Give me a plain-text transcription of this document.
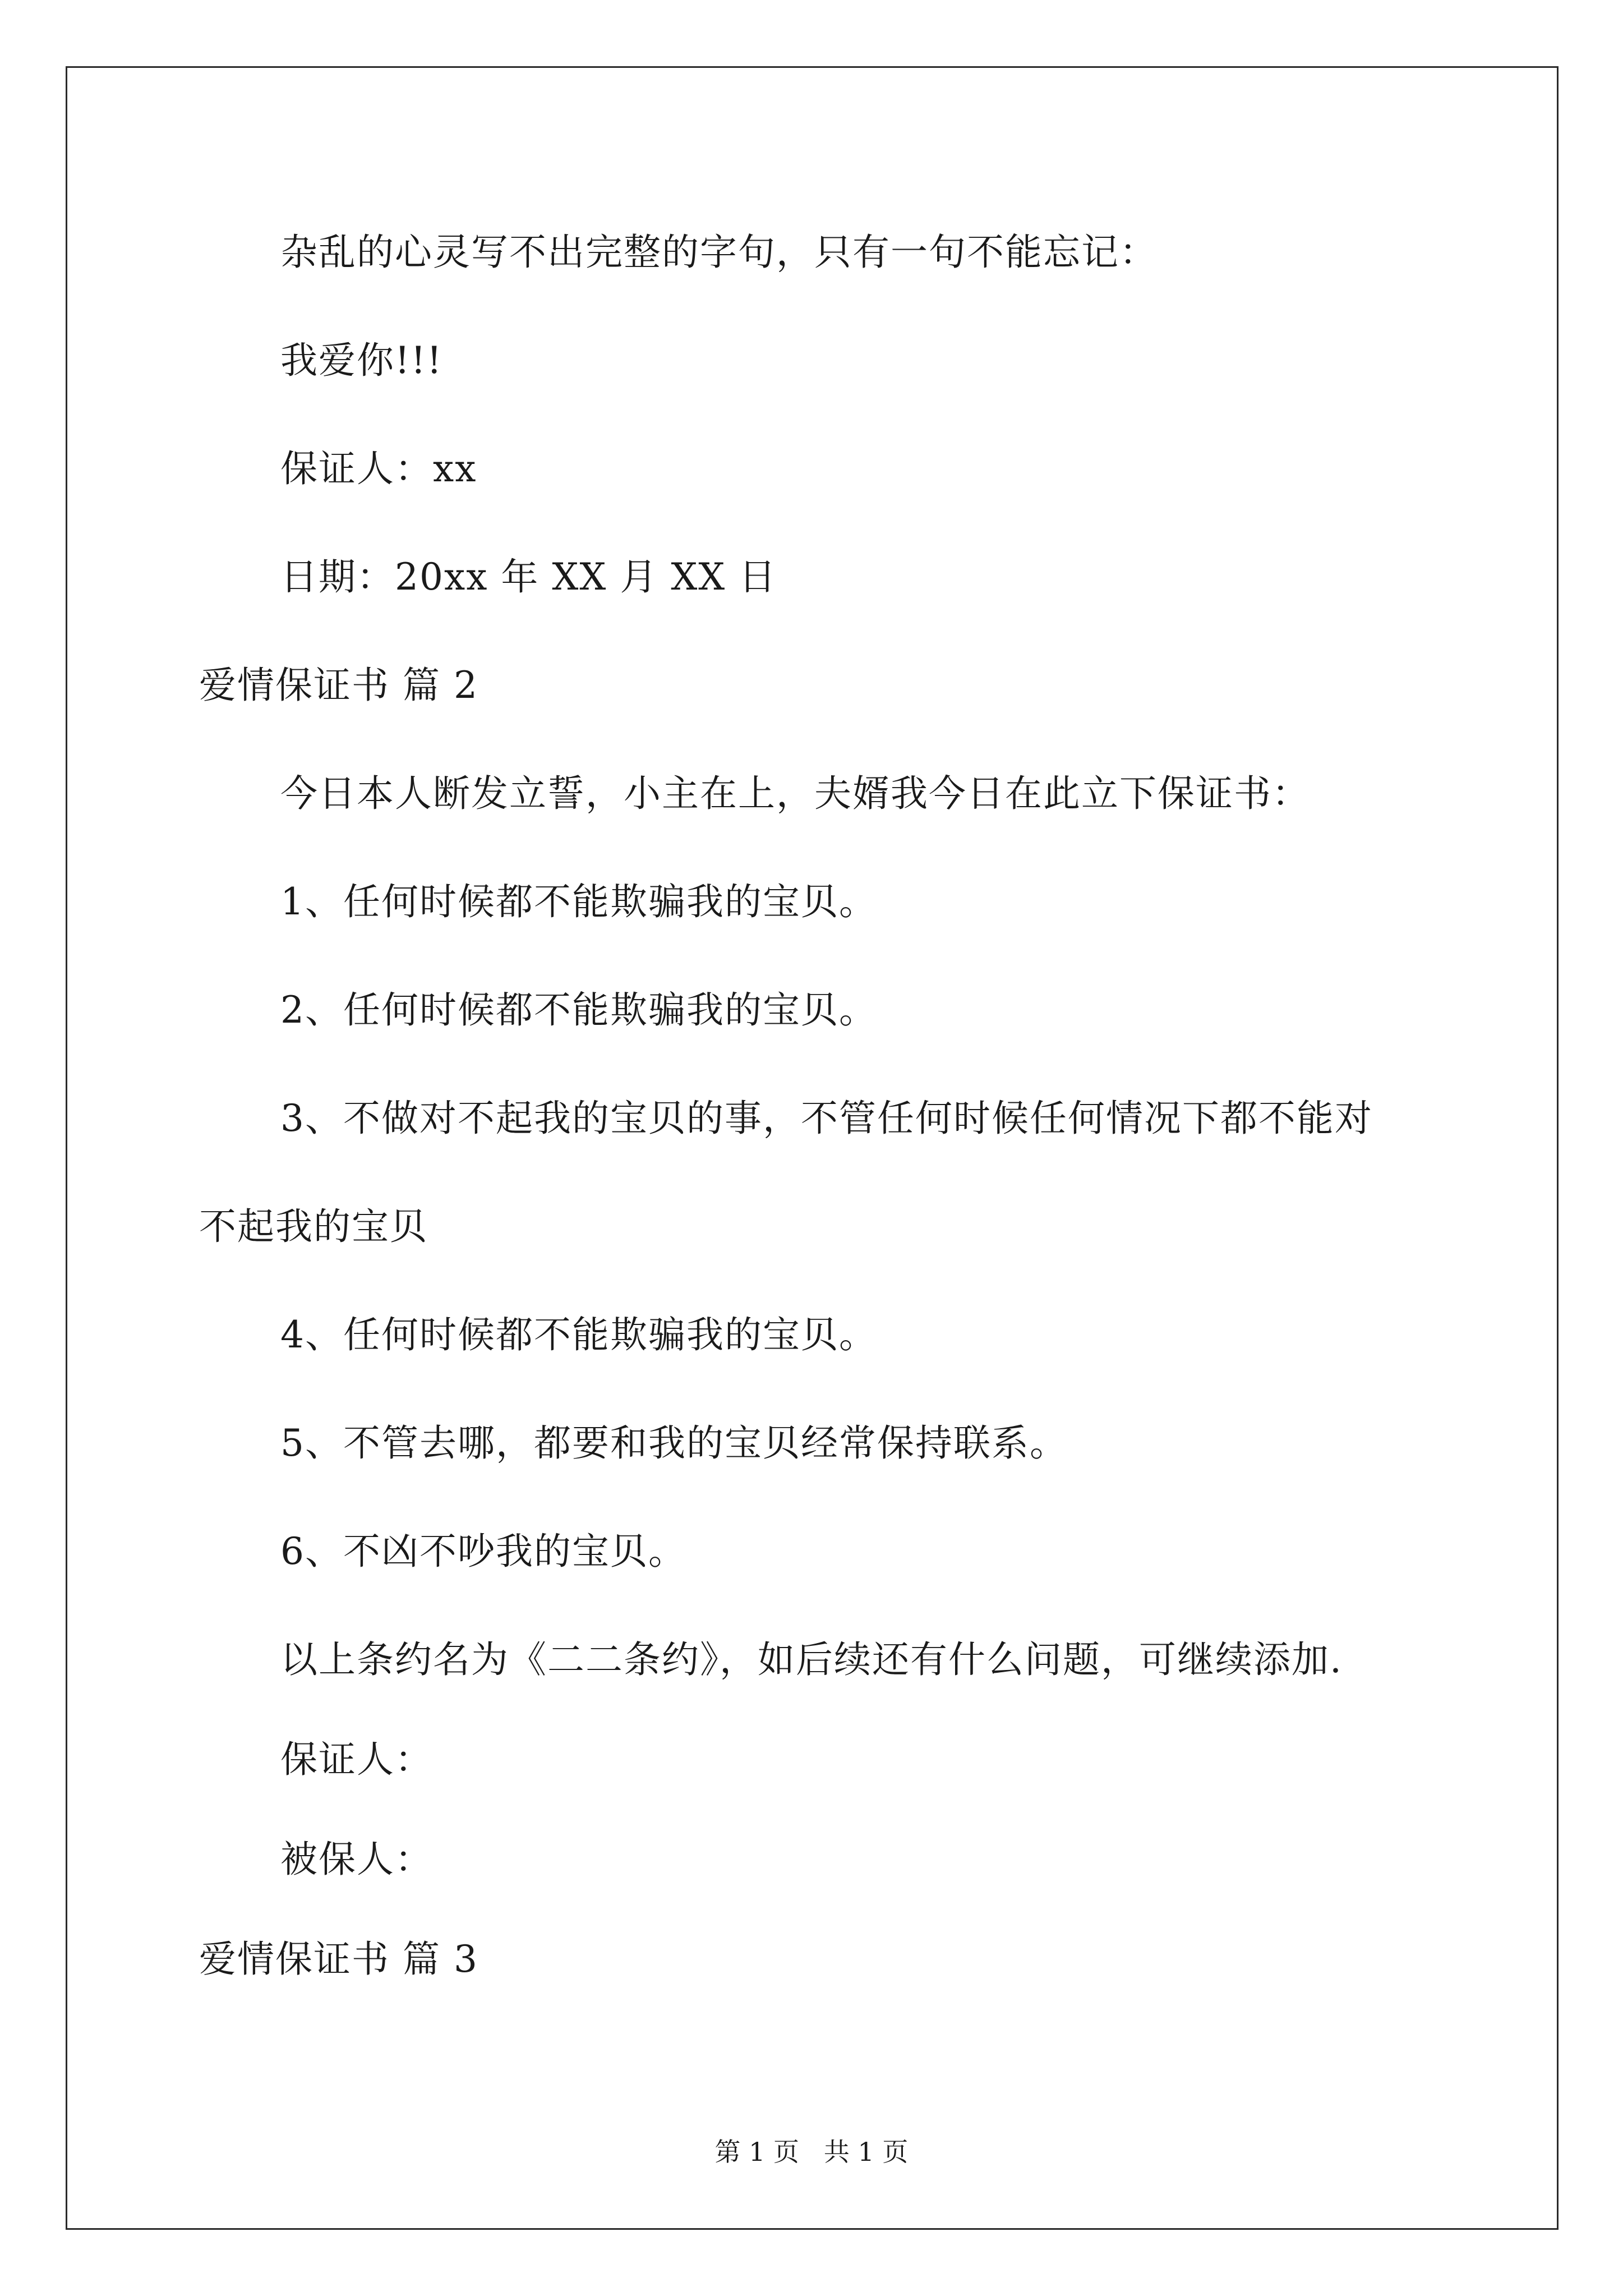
杂乱的心灵写不出完整的字句，只有一句不能忘记：
我爱你!!!
保证人：xx
日期：20xx 年 XX 月 XX 日
爱情保证书 篇 2
今日本人断发立誓，小主在上，夫婿我今日在此立下保证书：
1、任何时候都不能欺骗我的宝贝。
2、任何时候都不能欺骗我的宝贝。
3、不做对不起我的宝贝的事，不管任何时候任何情况下都不能对
不起我的宝贝
4、任何时候都不能欺骗我的宝贝。
5、不管去哪，都要和我的宝贝经常保持联系。
6、不凶不吵我的宝贝。
以上条约名为《二二条约》，如后续还有什么问题，可继续添加.
保证人：
被保人：
爱情保证书 篇 3
第 1 页   共 1 页
